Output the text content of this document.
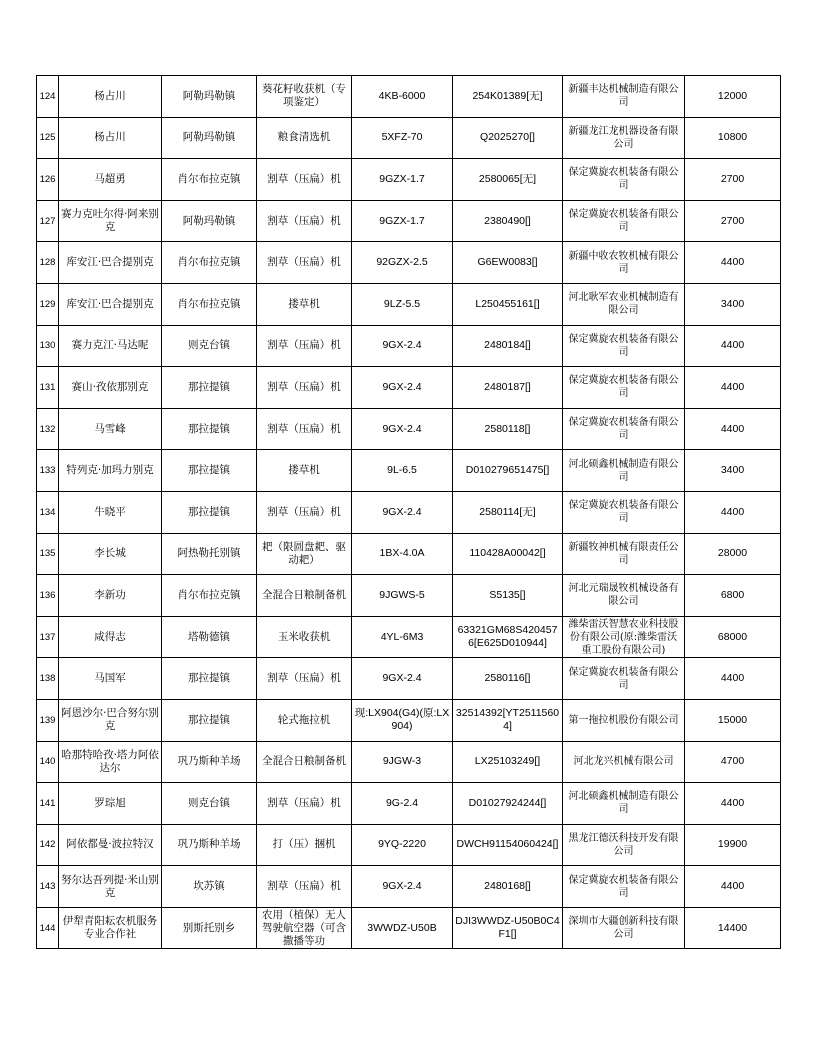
124	杨占川	阿勒玛勒镇	葵花籽收获机（专项鉴定）	4KB-6000	254K01389[无]	新疆丰达机械制造有限公司	12000
125	杨占川	阿勒玛勒镇	粮食清选机	5XFZ-70	Q2025270[]	新疆龙江龙机器设备有限公司	10800
126	马超勇	肖尔布拉克镇	割草（压扁）机	9GZX-1.7	2580065[无]	保定冀旋农机装备有限公司	2700
127	赛力克吐尔得·阿来别克	阿勒玛勒镇	割草（压扁）机	9GZX-1.7	2380490[]	保定冀旋农机装备有限公司	2700
128	库安江·巴合提别克	肖尔布拉克镇	割草（压扁）机	92GZX-2.5	G6EW0083[]	新疆中收农牧机械有限公司	4400
129	库安江·巴合提别克	肖尔布拉克镇	搂草机	9LZ-5.5	L250455161[]	河北耿军农业机械制造有限公司	3400
130	赛力克江·马达呢	则克台镇	割草（压扁）机	9GX-2.4	2480184[]	保定冀旋农机装备有限公司	4400
131	赛山·孜依那别克	那拉提镇	割草（压扁）机	9GX-2.4	2480187[]	保定冀旋农机装备有限公司	4400
132	马雪峰	那拉提镇	割草（压扁）机	9GX-2.4	2580118[]	保定冀旋农机装备有限公司	4400
133	特列克·加玛力别克	那拉提镇	搂草机	9L-6.5	D010279651475[]	河北硕鑫机械制造有限公司	3400
134	牛晓平	那拉提镇	割草（压扁）机	9GX-2.4	2580114[无]	保定冀旋农机装备有限公司	4400
135	李长城	阿热勒托别镇	耙（限圆盘耙、驱动耙）	1BX-4.0A	110428A00042[]	新疆牧神机械有限责任公司	28000
136	李新功	肖尔布拉克镇	全混合日粮制备机	9JGWS-5	S5135[]	河北元瑞晟牧机械设备有限公司	6800
137	咸得志	塔勒德镇	玉米收获机	4YL-6M3	63321GM68S4204576[E625D010944]	潍柴雷沃智慧农业科技股份有限公司(原:潍柴雷沃重工股份有限公司)	68000
138	马国军	那拉提镇	割草（压扁）机	9GX-2.4	2580116[]	保定冀旋农机装备有限公司	4400
139	阿恩沙尔·巴合努尔别克	那拉提镇	轮式拖拉机	现:LX904(G4)(原:LX904)	32514392[YT25115604]	第一拖拉机股份有限公司	15000
140	哈那特哈孜·塔力阿依达尔	巩乃斯种羊场	全混合日粮制备机	9JGW-3	LX25103249[]	河北龙兴机械有限公司	4700
141	罗琮旭	则克台镇	割草（压扁）机	9G-2.4	D01027924244[]	河北硕鑫机械制造有限公司	4400
142	阿依都曼·波拉特汉	巩乃斯种羊场	打（压）捆机	9YQ-2220	DWCH91154060424[]	黑龙江德沃科技开发有限公司	19900
143	努尔达吾列提·米山别克	坎苏镇	割草（压扁）机	9GX-2.4	2480168[]	保定冀旋农机装备有限公司	4400
144	伊犁青阳耘农机服务专业合作社	别斯托别乡	农用（植保）无人驾驶航空器（可含撒播等功	3WWDZ-U50B	DJI3WWDZ-U50B0C4F1[]	深圳市大疆创新科技有限公司	14400
